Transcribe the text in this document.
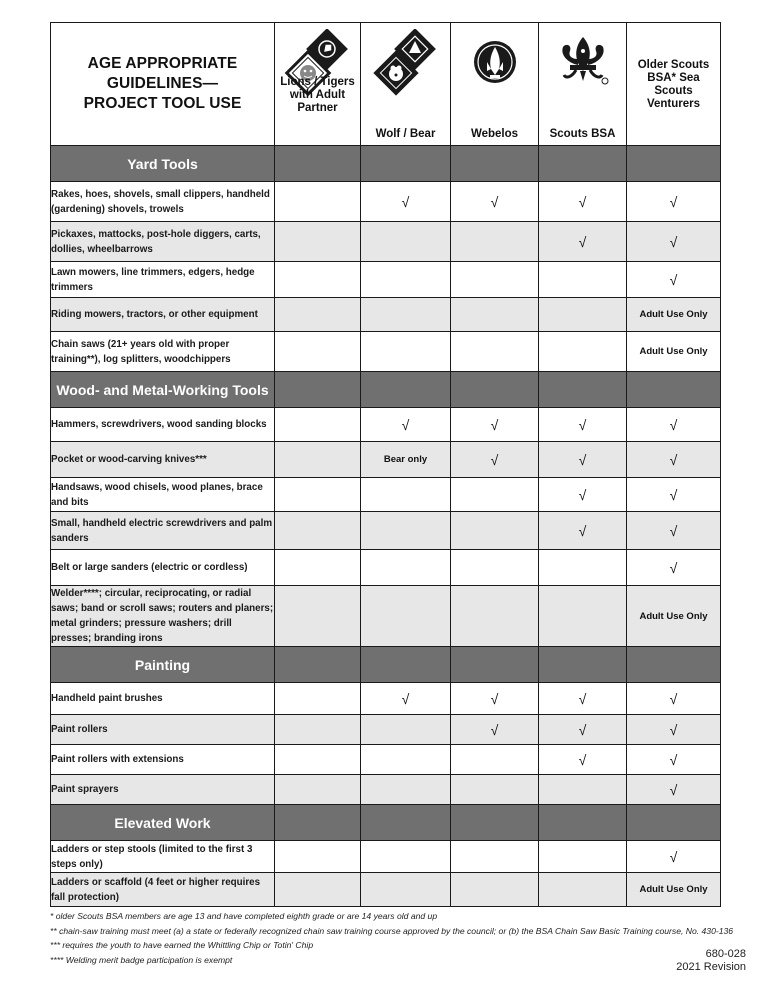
AGE APPROPRIATE
GUIDELINES—
PROJECT TOOL USE	Lions / Tigers with Adult Partner	Wolf / Bear	Webelos	Scouts BSA	Older Scouts BSA* Sea Scouts Venturers

Yard Tools					
Rakes, hoes, shovels, small clippers, handheld (gardening) shovels, trowels		√	√	√	√
Pickaxes, mattocks, post-hole diggers, carts, dollies, wheelbarrows				√	√
Lawn mowers, line trimmers, edgers, hedge trimmers					√
Riding mowers, tractors, or other equipment					Adult Use Only
Chain saws (21+ years old with proper training**), log splitters, woodchippers					Adult Use Only
Wood- and Metal-Working Tools					
Hammers, screwdrivers, wood sanding blocks		√	√	√	√
Pocket or wood-carving knives***		Bear only	√	√	√
Handsaws, wood chisels, wood planes, brace and bits				√	√
Small, handheld electric screwdrivers and palm sanders				√	√
Belt or large sanders (electric or cordless)					√
Welder****; circular, reciprocating, or radial saws; band or scroll saws; routers and planers; metal grinders; pressure washers; drill presses; branding irons					Adult Use Only
Painting					
Handheld paint brushes		√	√	√	√
Paint rollers			√	√	√
Paint rollers with extensions				√	√
Paint sprayers					√
Elevated Work					
Ladders or step stools (limited to the first 3 steps only)					√
Ladders or scaffold (4 feet or higher requires fall protection)					Adult Use Only
* older Scouts BSA members are age 13 and have completed eighth grade or are 14 years old and up
** chain-saw training must meet (a) a state or federally recognized chain saw training course approved by the council; or (b) the BSA Chain Saw Basic Training course, No. 430-136
*** requires the youth to have earned the Whittling Chip or Totin' Chip
**** Welding merit badge participation is exempt
680-028
2021 Revision
